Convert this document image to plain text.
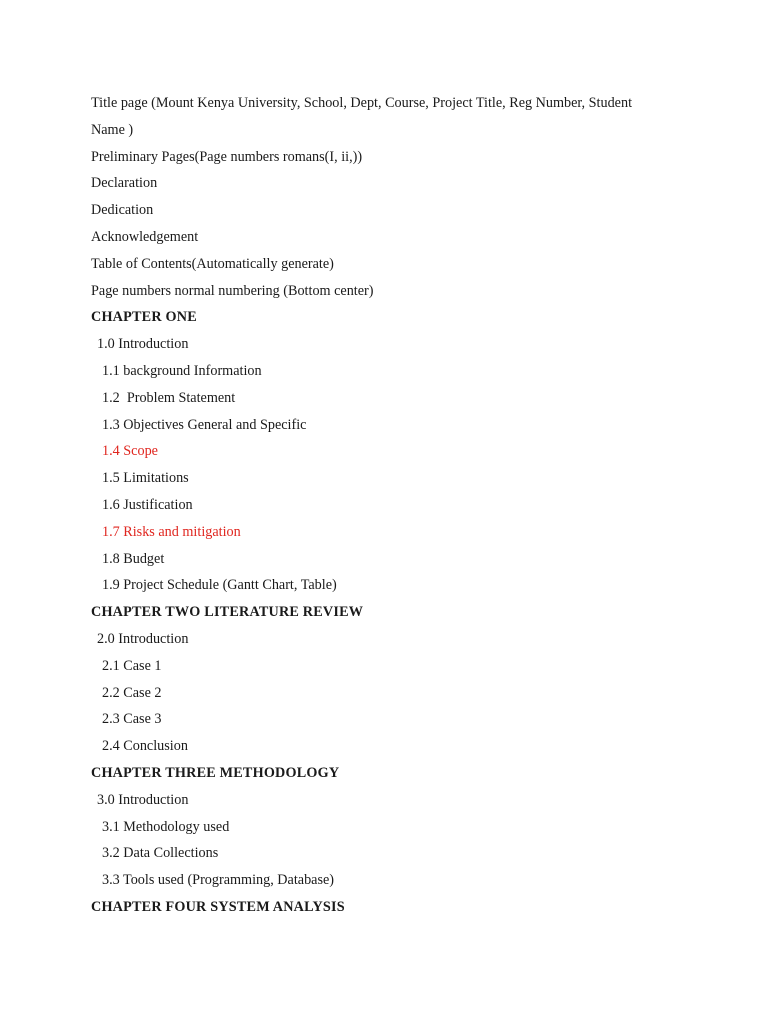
Title page (Mount Kenya University, School, Dept, Course, Project Title, Reg Number, Student
Name )
Preliminary Pages(Page numbers romans(I, ii,))
Declaration
Dedication
Acknowledgement
Table of Contents(Automatically generate)
Page numbers normal numbering (Bottom center)
CHAPTER ONE
1.0 Introduction
1.1 background Information
1.2  Problem Statement
1.3 Objectives General and Specific
1.4 Scope
1.5 Limitations
1.6 Justification
1.7 Risks and mitigation
1.8 Budget
1.9 Project Schedule (Gantt Chart, Table)
CHAPTER TWO LITERATURE REVIEW
2.0 Introduction
2.1 Case 1
2.2 Case 2
2.3 Case 3
2.4 Conclusion
CHAPTER THREE METHODOLOGY
3.0 Introduction
3.1 Methodology used
3.2 Data Collections
3.3 Tools used (Programming, Database)
CHAPTER FOUR SYSTEM ANALYSIS
